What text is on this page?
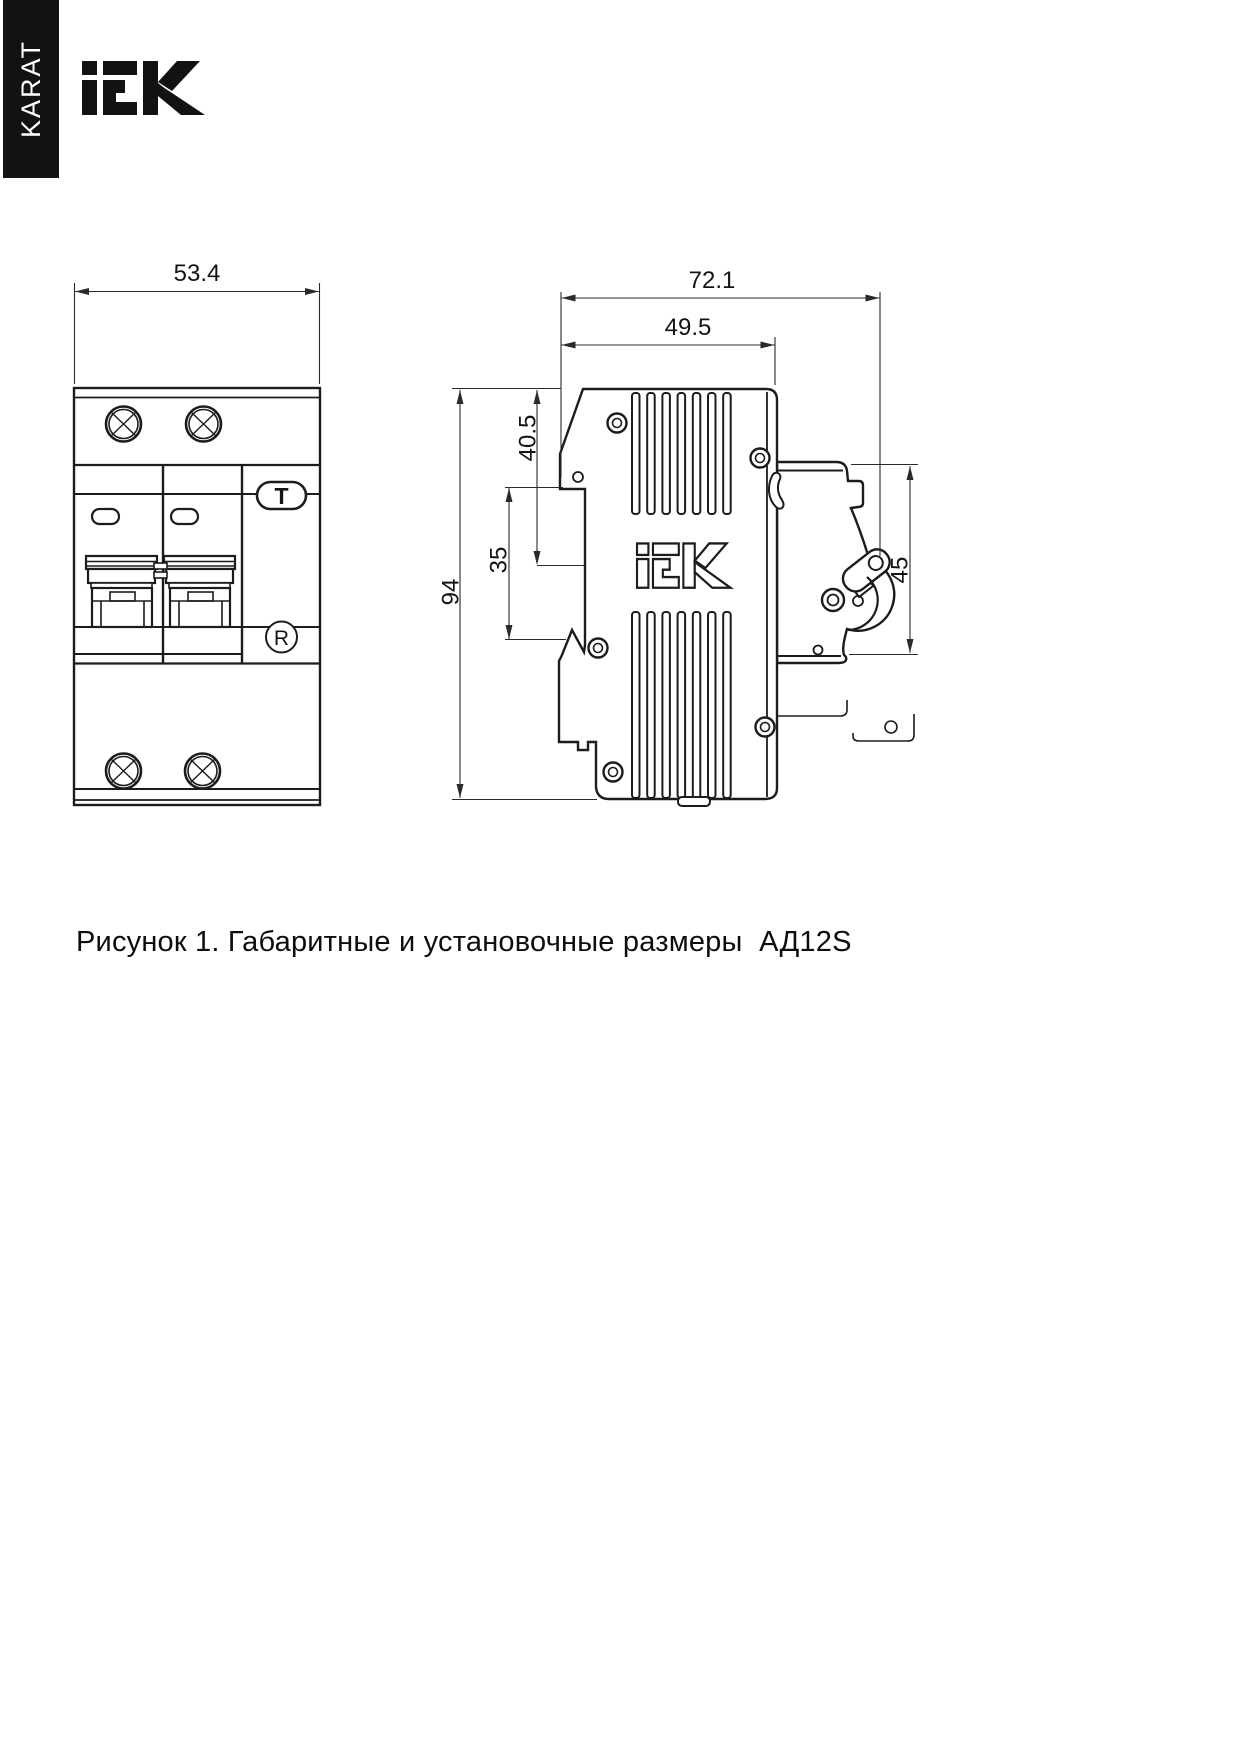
KARAT
T
R
53.4	72.1
49.5
94
40.5
35	45
Рисунок 1. Габаритные и установочные размеры  АД12S
